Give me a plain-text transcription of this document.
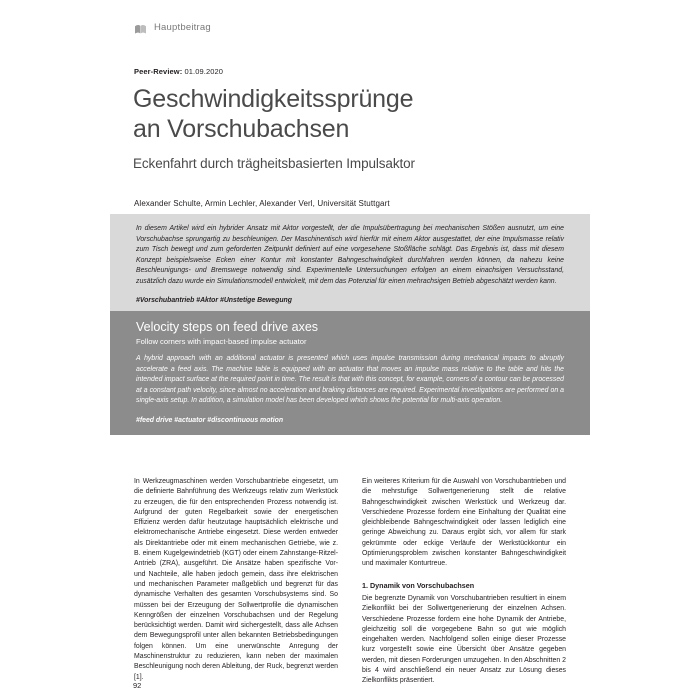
Hauptbeitrag
Peer-Review: 01.09.2020
Geschwindigkeitssprünge
an Vorschubachsen
Eckenfahrt durch trägheitsbasierten Impulsaktor
Alexander Schulte, Armin Lechler, Alexander Verl, Universität Stuttgart

In diesem Artikel wird ein hybrider Ansatz mit Aktor vorgestellt, der die Impulsübertragung bei mechanischen Stößen ausnutzt, um eine Vorschubachse sprungartig zu beschleunigen. Der Maschinentisch wird hierfür mit einem Aktor ausgestattet, der eine Impulsmasse relativ zum Tisch bewegt und zum geforderten Zeitpunkt definiert auf eine vorgesehene Stoßfläche schlägt. Das Ergebnis ist, dass mit diesem Konzept beispielsweise Ecken einer Kontur mit konstanter Bahngeschwindigkeit durchfahren werden können, da nahezu keine Beschleunigungs- und Bremswege notwendig sind. Experimentelle Untersuchungen erfolgen an einem einachsigen Versuchsstand, zusätzlich dazu wurde ein Simulationsmodell entwickelt, mit dem das Potenzial für einen mehrachsigen Betrieb abgeschätzt werden kann.

#Vorschubantrieb #Aktor #Unstetige Bewegung
Velocity steps on feed drive axes
Follow corners with impact-based impulse actuator

A hybrid approach with an additional actuator is presented which uses impulse transmission during mechanical impacts to abruptly accelerate a feed axis. The machine table is equipped with an actuator that moves an impulse mass relative to the table and hits the intended impact surface at the required point in time. The result is that with this concept, for example, corners of a contour can be processed at a constant path velocity, since almost no acceleration and braking distances are required. Experimental investigations are performed on a single-axis setup. In addition, a simulation model has been developed which shows the potential for multi-axis operation.

#feed drive #actuator #discontinuous motion

In Werkzeugmaschinen werden Vorschubantriebe eingesetzt, um die definierte Bahnführung des Werkzeugs relativ zum Werkstück zu erzeugen, die für den entsprechenden Prozess notwendig ist. Aufgrund der guten Regelbarkeit sowie der energetischen Effizienz werden dafür heutzutage hauptsächlich elektrische und elektromechanische Antriebe eingesetzt. Diese werden entweder als Direktantriebe oder mit einem mechanischen Getriebe, wie z. B. einem Kugelgewindetrieb (KGT) oder einem Zahnstange-Ritzel-Antrieb (ZRA), ausgeführt. Die Ansätze haben spezifische Vor- und Nachteile, alle haben jedoch gemein, dass ihre elektrischen und mechanischen Parameter maßgeblich und begrenzt für das dynamische Verhalten des gesamten Vorschubsystems sind. So müssen bei der Erzeugung der Sollwertprofile die dynamischen Kenngrößen der einzelnen Vorschubachsen und der Regelung berücksichtigt werden. Damit wird sichergestellt, dass alle Achsen dem Bewegungsprofil unter allen bekannten Betriebsbedingungen folgen können. Um eine unerwünschte Anregung der Maschinenstruktur zu reduzieren, kann neben der maximalen Beschleunigung noch deren Ableitung, der Ruck, begrenzt werden [1].

Ein weiteres Kriterium für die Auswahl von Vorschubantrieben und die mehrstufige Sollwertgenerierung stellt die relative Bahngeschwindigkeit zwischen Werkstück und Werkzeug dar. Verschiedene Prozesse fordern eine Einhaltung der Qualität eine gleichbleibende Bahngeschwindigkeit oder lassen lediglich eine geringe Abweichung zu. Daraus ergibt sich, vor allem für stark gekrümmte oder eckige Verläufe der Werkstückkontur ein Optimierungsproblem zwischen konstanter Bahngeschwindigkeit und maximaler Konturtreue.

1. Dynamik von Vorschubachsen

Die begrenzte Dynamik von Vorschubantrieben resultiert in einem Zielkonflikt bei der Sollwertgenerierung der einzelnen Achsen. Verschiedene Prozesse fordern eine hohe Dynamik der Antriebe, gleichzeitig soll die vorgegebene Bahn so gut wie möglich eingehalten werden. Nachfolgend sollen einige dieser Prozesse kurz vorgestellt sowie eine Übersicht über Ansätze gegeben werden, mit diesen Forderungen umzugehen. In den Abschnitten 2 bis 4 wird anschließend ein neuer Ansatz zur Lösung dieses Zielkonflikts präsentiert.

92
